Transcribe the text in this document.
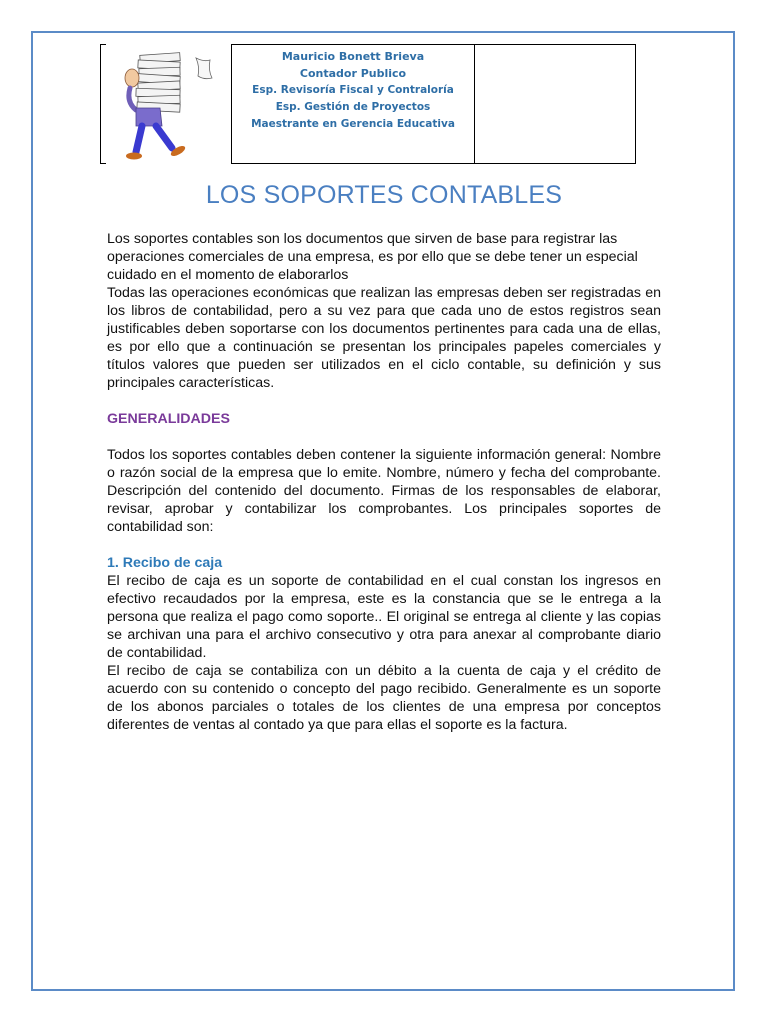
Mauricio Bonett Brieva
Contador Publico
Esp. Revisoría Fiscal y Contraloría
Esp. Gestión de Proyectos
Maestrante en Gerencia Educativa
LOS SOPORTES CONTABLES

Los soportes contables son los documentos que sirven de base para registrar las operaciones comerciales de una empresa, es por ello que se debe tener un especial cuidado en el momento de elaborarlos

Todas las operaciones económicas que realizan las empresas deben ser registradas en los libros de contabilidad, pero a su vez para que cada uno de estos registros sean justificables deben soportarse con los documentos pertinentes para cada una de ellas, es por ello que a continuación se presentan los principales papeles comerciales y títulos valores que pueden ser utilizados en el ciclo contable, su definición y sus principales características.

GENERALIDADES

Todos los soportes contables deben contener la siguiente información general: Nombre o razón social de la empresa que lo emite. Nombre, número y fecha del comprobante. Descripción del contenido del documento. Firmas de los responsables de elaborar, revisar, aprobar y contabilizar los comprobantes. Los principales soportes de contabilidad son:

1. Recibo de caja

El recibo de caja es un soporte de contabilidad en el cual constan los ingresos en efectivo recaudados por la empresa, este es la constancia que se le entrega a la persona que realiza el pago como soporte.. El original se entrega al cliente y las copias se archivan una para el archivo consecutivo y otra para anexar al comprobante diario de contabilidad.

El recibo de caja se contabiliza con un débito a la cuenta de caja y el crédito de acuerdo con su contenido o concepto del pago recibido. Generalmente es un soporte de los abonos parciales o totales de los clientes de una empresa por conceptos diferentes de ventas al contado ya que para ellas el soporte es la factura.
